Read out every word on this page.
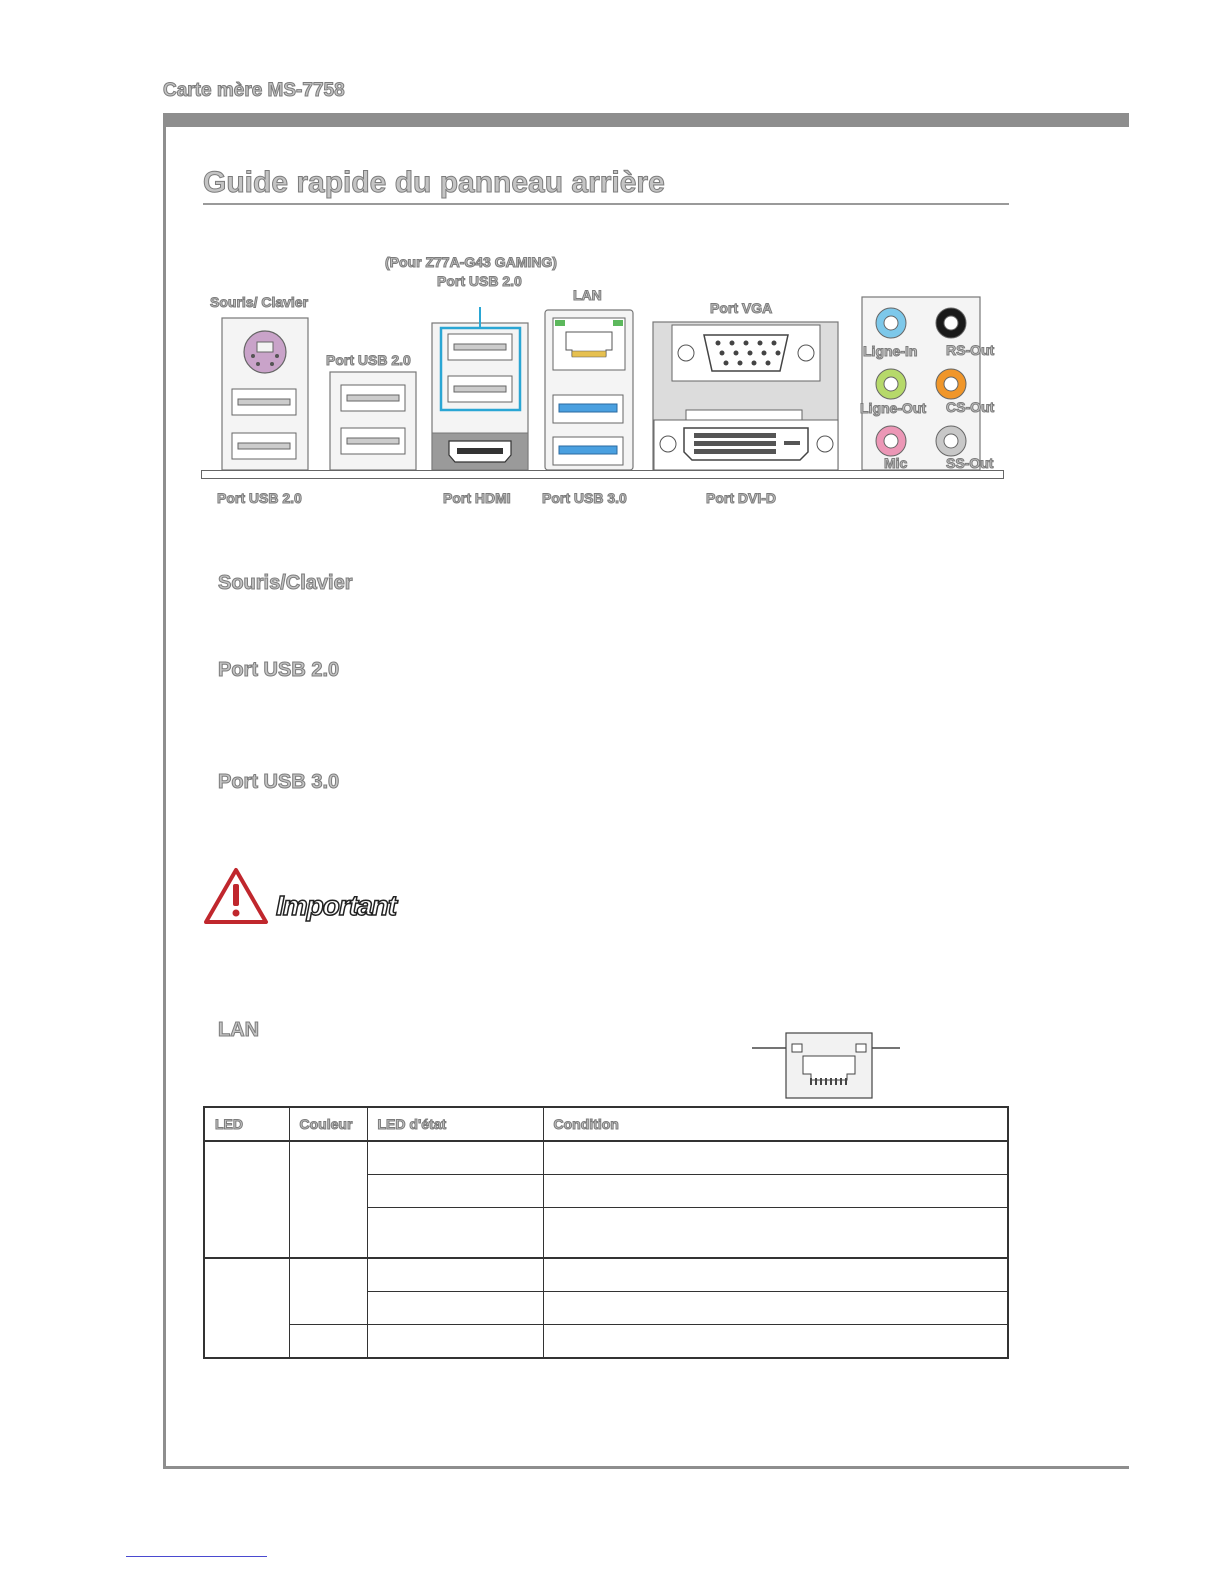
Carte mère MS-7758
Guide rapide du panneau arrière
Souris/ Clavier
Port USB 2.0
(Pour Z77A-G43 GAMING)
Port USB 2.0
LAN
Port VGA
Ligne-In RS-Out
Ligne-Out CS-Out
Mic	SS-Out
Port USB 2.0	Port HDMI Port USB 3.0	Port DVI-D
Souris/Clavier
Port USB 2.0
Port USB 3.0
Important
LAN
LED	Couleur	LED d'état	Condition
